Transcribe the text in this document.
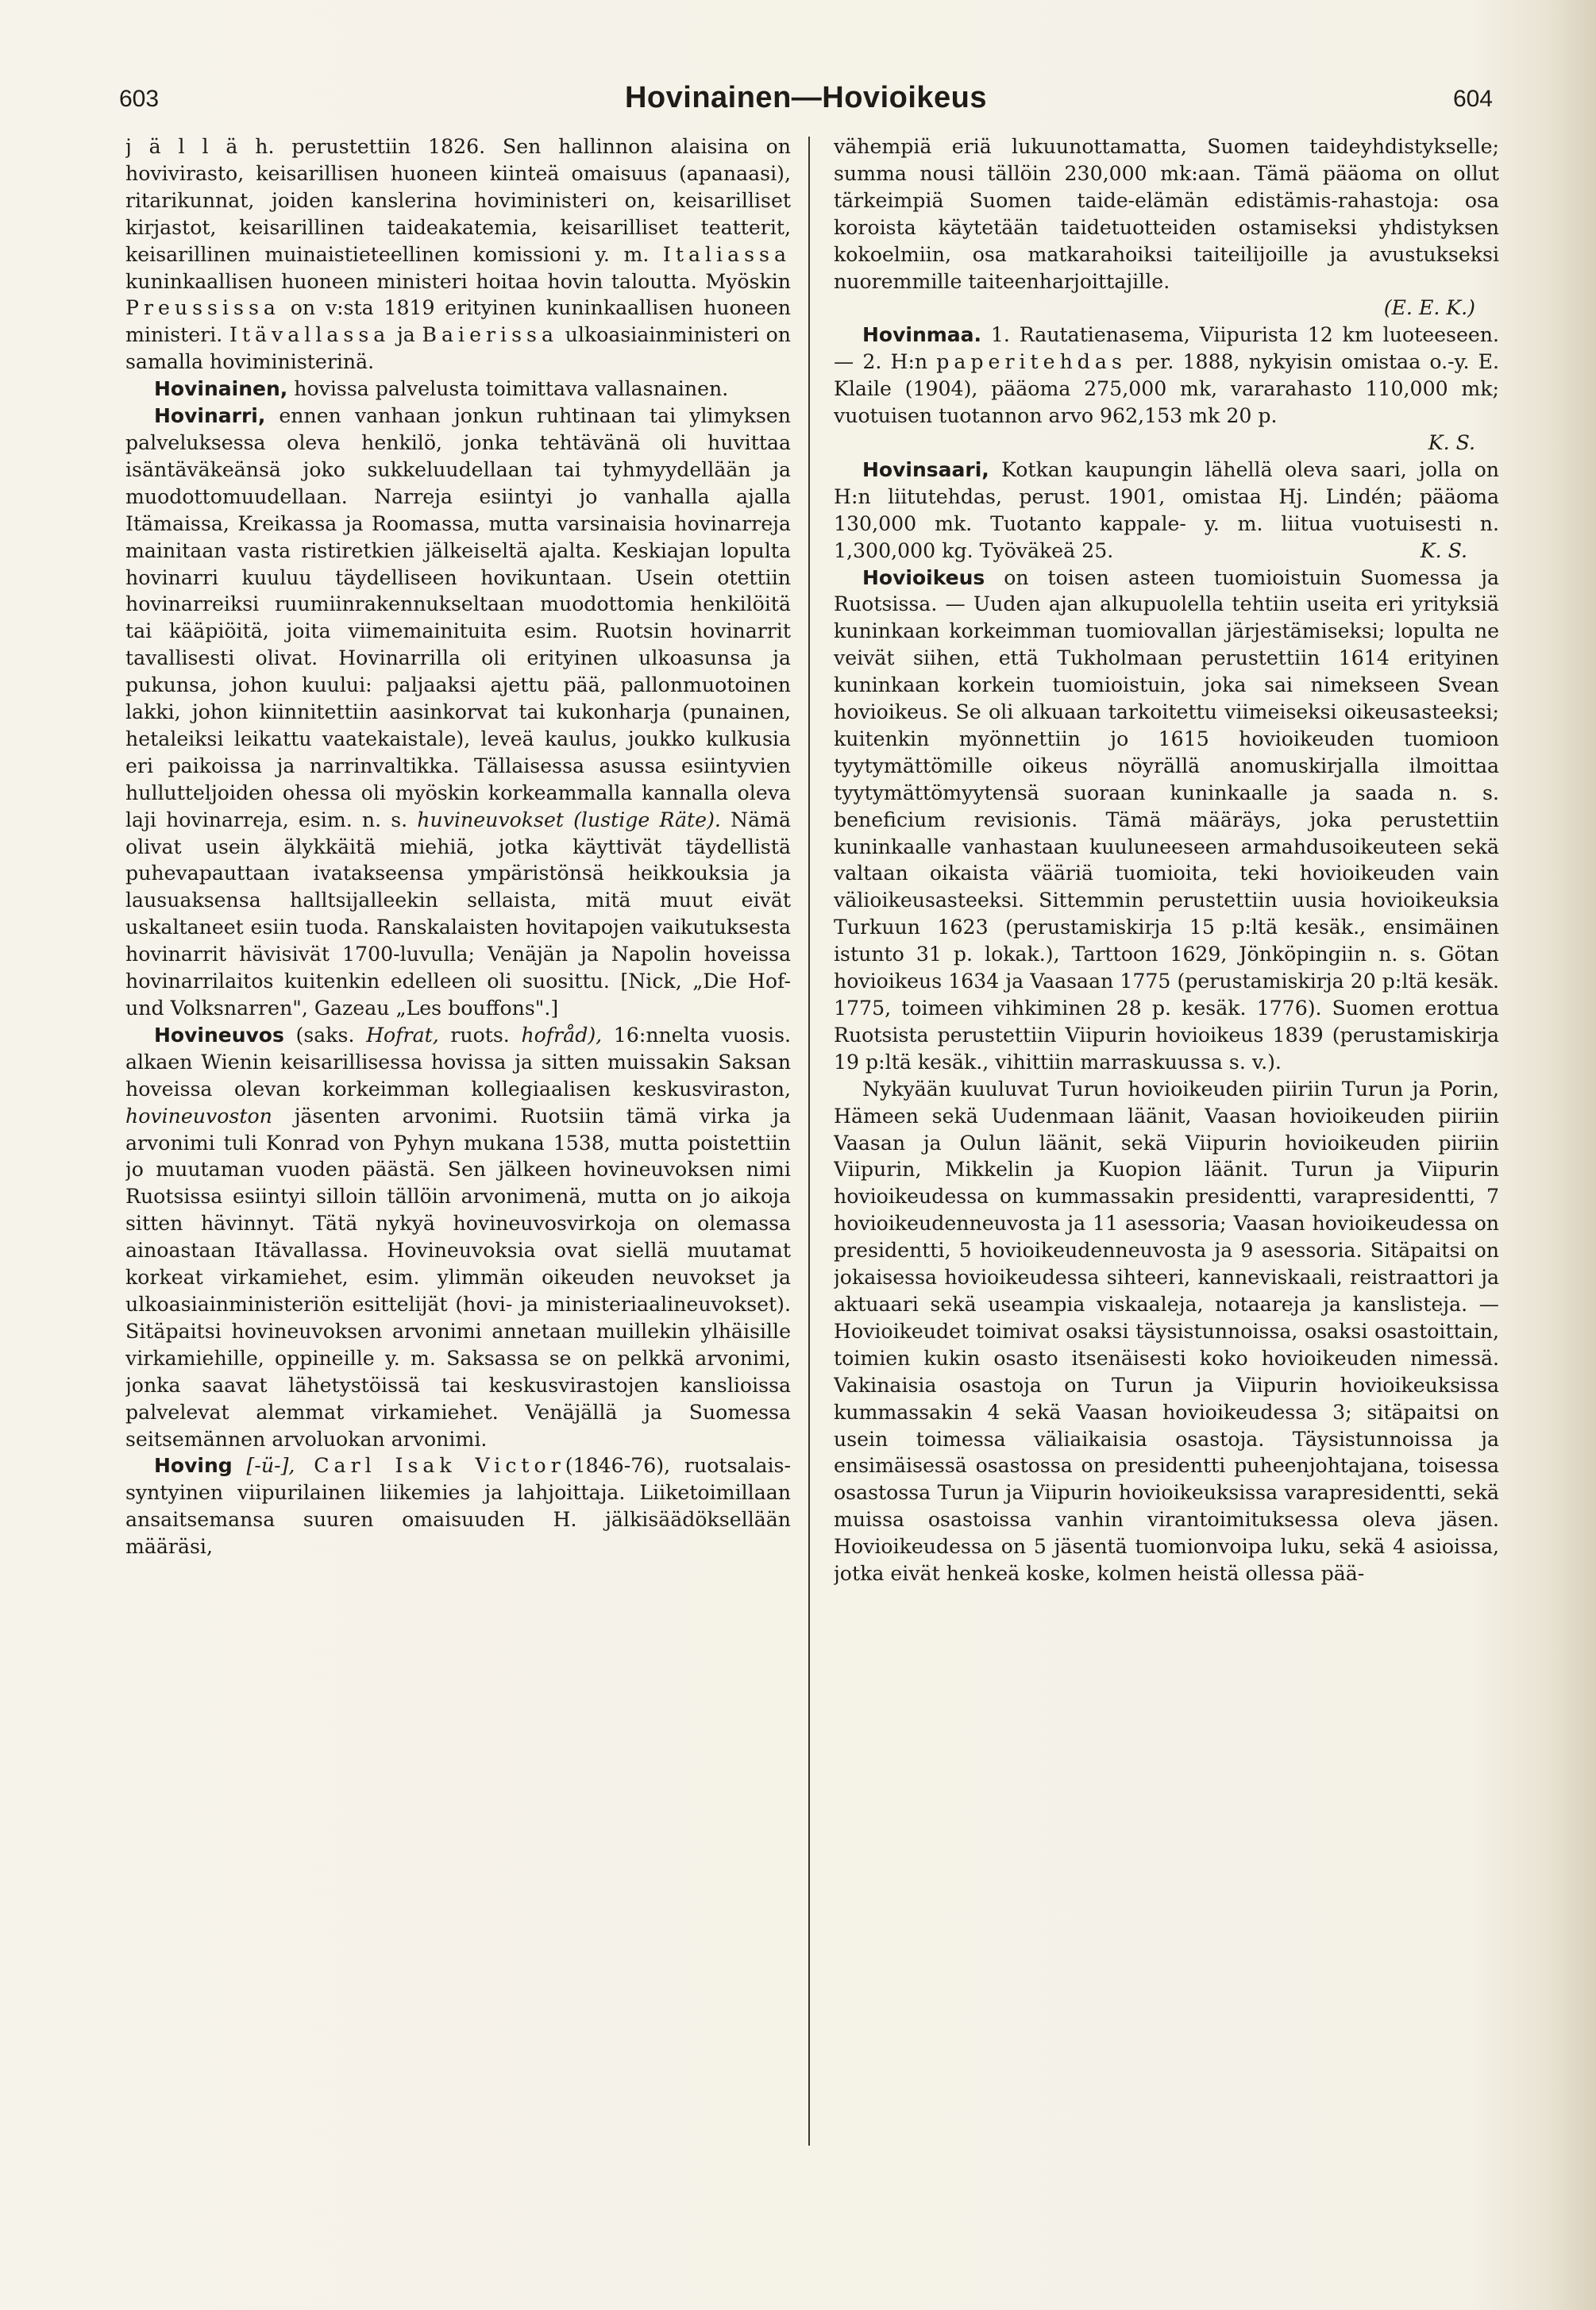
603	Hovinainen—Hovioikeus	604

j ä l l ä h. perustettiin 1826. Sen hallinnon alaisina on hovivirasto, keisarillisen huoneen kiinteä omaisuus (apanaasi), ritarikunnat, joiden kanslerina hoviministeri on, keisarilliset kirjastot, keisarillinen taideakatemia, keisarilliset teatterit, keisarillinen muinaistieteellinen komissioni y. m. Italiassa kuninkaallisen huoneen ministeri hoitaa hovin taloutta. Myöskin Preussissa on v:sta 1819 erityinen kuninkaallisen huoneen ministeri. Itävallassa ja Baierissa ulkoasiainministeri on samalla hoviministerinä.

Hovinainen, hovissa palvelusta toimittava vallasnainen.

Hovinarri, ennen vanhaan jonkun ruhtinaan tai ylimyksen palveluksessa oleva henkilö, jonka tehtävänä oli huvittaa isäntäväkeänsä joko sukkeluudellaan tai tyhmyydellään ja muodottomuudellaan. Narreja esiintyi jo vanhalla ajalla Itämaissa, Kreikassa ja Roomassa, mutta varsinaisia hovinarreja mainitaan vasta ristiretkien jälkeiseltä ajalta. Keskiajan lopulta hovinarri kuuluu täydelliseen hovikuntaan. Usein otettiin hovinarreiksi ruumiinrakennukseltaan muodottomia henkilöitä tai kääpiöitä, joita viimemainituita esim. Ruotsin hovinarrit tavallisesti olivat. Hovinarrilla oli erityinen ulkoasunsa ja pukunsa, johon kuului: paljaaksi ajettu pää, pallonmuotoinen lakki, johon kiinnitettiin aasinkorvat tai kukonharja (punainen, hetaleiksi leikattu vaatekaistale), leveä kaulus, joukko kulkusia eri paikoissa ja narrinvaltikka. Tällaisessa asussa esiintyvien hullutteljoiden ohessa oli myöskin korkeammalla kannalla oleva laji hovinarreja, esim. n. s. huvineuvokset (lustige Räte). Nämä olivat usein älykkäitä miehiä, jotka käyttivät täydellistä puhevapauttaan ivatakseensa ympäristönsä heikkouksia ja lausuaksensa halltsijalleekin sellaista, mitä muut eivät uskaltaneet esiin tuoda. Ranskalaisten hovitapojen vaikutuksesta hovinarrit hävisivät 1700-luvulla; Venäjän ja Napolin hoveissa hovinarrilaitos kuitenkin edelleen oli suosittu. [Nick, „Die Hof- und Volksnarren", Gazeau „Les bouffons".]

Hovineuvos (saks. Hofrat, ruots. hofråd), 16:nnelta vuosis. alkaen Wienin keisarillisessa hovissa ja sitten muissakin Saksan hoveissa olevan korkeimman kollegiaalisen keskusviraston, hovineuvoston jäsenten arvonimi. Ruotsiin tämä virka ja arvonimi tuli Konrad von Pyhyn mukana 1538, mutta poistettiin jo muutaman vuoden päästä. Sen jälkeen hovineuvoksen nimi Ruotsissa esiintyi silloin tällöin arvonimenä, mutta on jo aikoja sitten hävinnyt. Tätä nykyä hovineuvosvirkoja on olemassa ainoastaan Itävallassa. Hovineuvoksia ovat siellä muutamat korkeat virkamiehet, esim. ylimmän oikeuden neuvokset ja ulkoasiainministeriön esittelijät (hovi- ja ministeriaalineuvokset). Sitäpaitsi hovineuvoksen arvonimi annetaan muillekin ylhäisille virkamiehille, oppineille y. m. Saksassa se on pelkkä arvonimi, jonka saavat lähetystöissä tai keskusvirastojen kanslioissa palvelevat alemmat virkamiehet. Venäjällä ja Suomessa seitsemännen arvoluokan arvonimi.

Hoving [-ü-], Carl Isak Victor(1846-76), ruotsalais-syntyinen viipurilainen liikemies ja lahjoittaja. Liiketoimillaan ansaitsemansa suuren omaisuuden H. jälkisäädöksellään määräsi,

vähempiä eriä lukuunottamatta, Suomen taideyhdistykselle; summa nousi tällöin 230,000 mk:aan. Tämä pääoma on ollut tärkeimpiä Suomen taide-elämän edistämis-rahastoja: osa koroista käytetään taidetuotteiden ostamiseksi yhdistyksen kokoelmiin, osa matkarahoiksi taiteilijoille ja avustukseksi nuoremmille taiteenharjoittajille.
(E. E. K.)

Hovinmaa. 1. Rautatienasema, Viipurista 12 km luoteeseen. — 2. H:n paperitehdas per. 1888, nykyisin omistaa o.-y. E. Klaile (1904), pääoma 275,000 mk, vararahasto 110,000 mk; vuotuisen tuotannon arvo 962,153 mk 20 p.
K. S.

Hovinsaari, Kotkan kaupungin lähellä oleva saari, jolla on H:n liitutehdas, perust. 1901, omistaa Hj. Lindén; pääoma 130,000 mk. Tuotanto kappale- y. m. liitua vuotuisesti n. 1,300,000 kg. Työväkeä 25.	K. S.

Hovioikeus on toisen asteen tuomioistuin Suomessa ja Ruotsissa. — Uuden ajan alkupuolella tehtiin useita eri yrityksiä kuninkaan korkeimman tuomiovallan järjestämiseksi; lopulta ne veivät siihen, että Tukholmaan perustettiin 1614 erityinen kuninkaan korkein tuomioistuin, joka sai nimekseen Svean hovioikeus. Se oli alkuaan tarkoitettu viimeiseksi oikeusasteeksi; kuitenkin myönnettiin jo 1615 hovioikeuden tuomioon tyytymättömille oikeus nöyrällä anomuskirjalla ilmoittaa tyytymättömyytensä suoraan kuninkaalle ja saada n. s. beneficium revisionis. Tämä määräys, joka perustettiin kuninkaalle vanhastaan kuuluneeseen armahdusoikeuteen sekä valtaan oikaista vääriä tuomioita, teki hovioikeuden vain välioikeusasteeksi. Sittemmin perustettiin uusia hovioikeuksia Turkuun 1623 (perustamiskirja 15 p:ltä kesäk., ensimäinen istunto 31 p. lokak.), Tarttoon 1629, Jönköpingiin n. s. Götan hovioikeus 1634 ja Vaasaan 1775 (perustamiskirja 20 p:ltä kesäk. 1775, toimeen vihkiminen 28 p. kesäk. 1776). Suomen erottua Ruotsista perustettiin Viipurin hovioikeus 1839 (perustamiskirja 19 p:ltä kesäk., vihittiin marraskuussa s. v.).

Nykyään kuuluvat Turun hovioikeuden piiriin Turun ja Porin, Hämeen sekä Uudenmaan läänit, Vaasan hovioikeuden piiriin Vaasan ja Oulun läänit, sekä Viipurin hovioikeuden piiriin Viipurin, Mikkelin ja Kuopion läänit. Turun ja Viipurin hovioikeudessa on kummassakin presidentti, varapresidentti, 7 hovioikeudenneuvosta ja 11 asessoria; Vaasan hovioikeudessa on presidentti, 5 hovioikeudenneuvosta ja 9 asessoria. Sitäpaitsi on jokaisessa hovioikeudessa sihteeri, kanneviskaali, reistraattori ja aktuaari sekä useampia viskaaleja, notaareja ja kanslisteja. — Hovioikeudet toimivat osaksi täysistunnoissa, osaksi osastoittain, toimien kukin osasto itsenäisesti koko hovioikeuden nimessä. Vakinaisia osastoja on Turun ja Viipurin hovioikeuksissa kummassakin 4 sekä Vaasan hovioikeudessa 3; sitäpaitsi on usein toimessa väliaikaisia osastoja. Täysistunnoissa ja ensimäisessä osastossa on presidentti puheenjohtajana, toisessa osastossa Turun ja Viipurin hovioikeuksissa varapresidentti, sekä muissa osastoissa vanhin virantoimituksessa oleva jäsen. Hovioikeudessa on 5 jäsentä tuomionvoipa luku, sekä 4 asioissa, jotka eivät henkeä koske, kolmen heistä ollessa pää-
